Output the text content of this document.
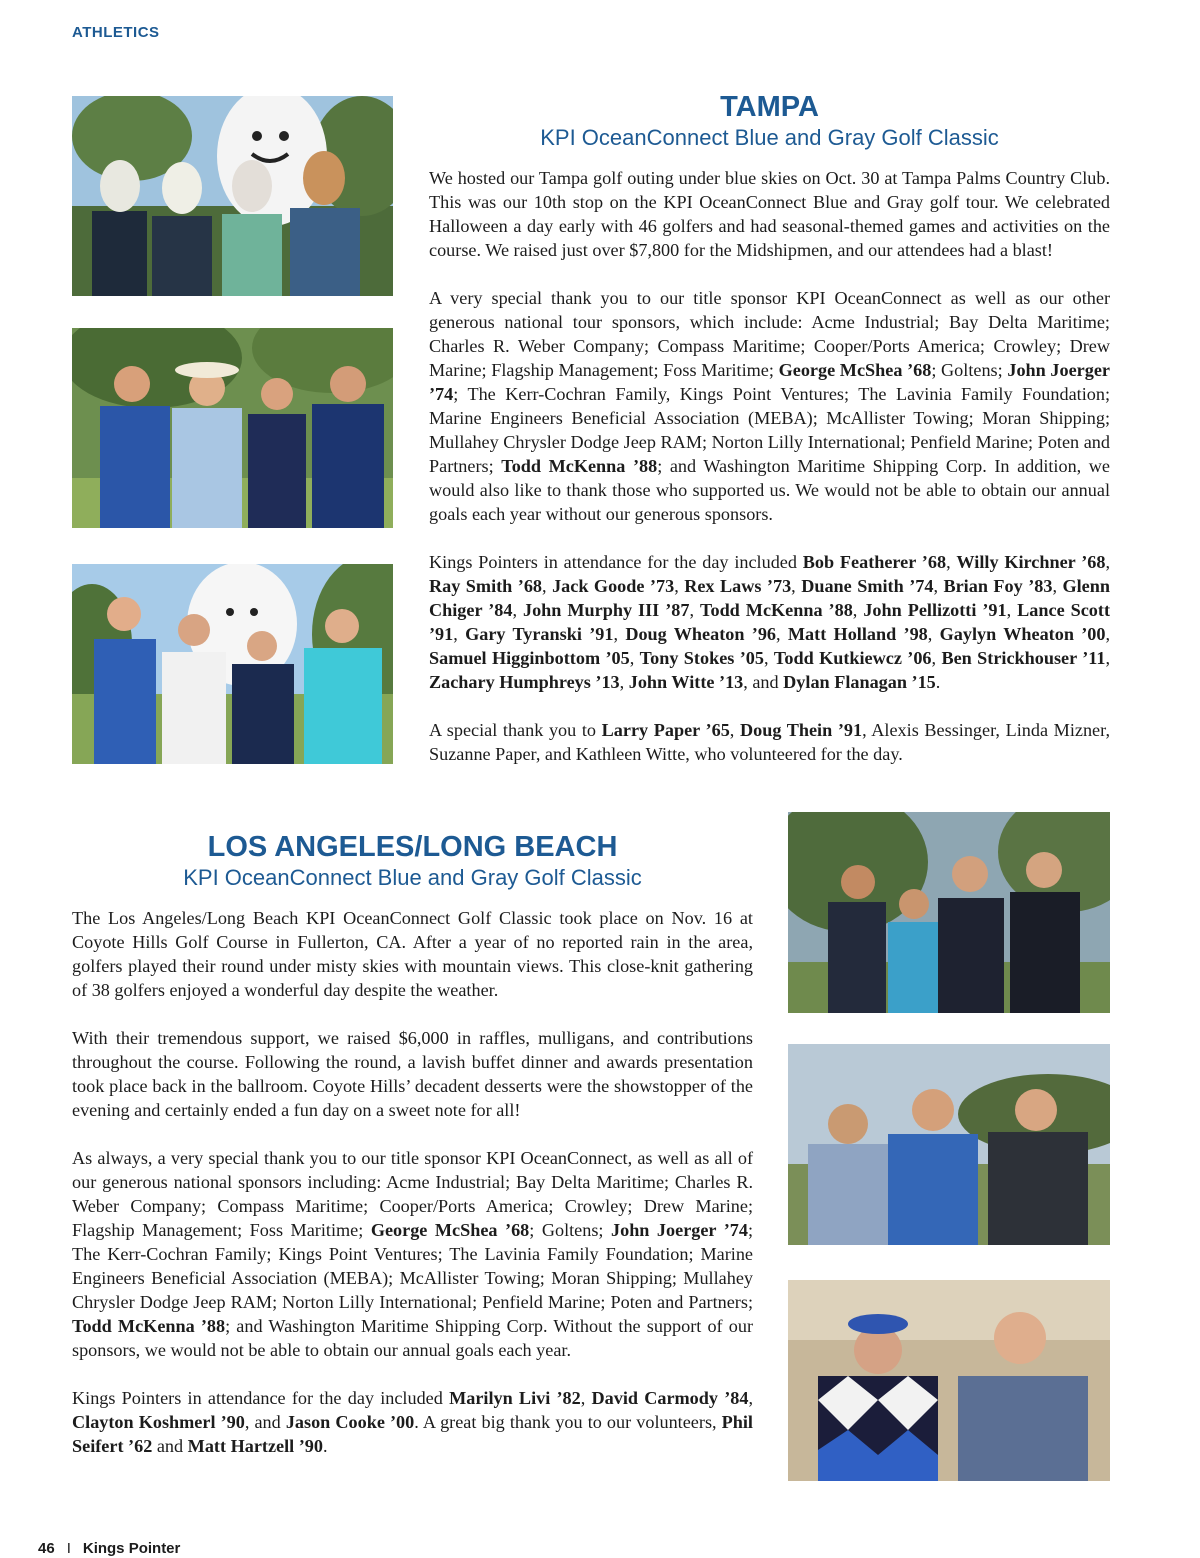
ATHLETICS
TAMPA
KPI OceanConnect Blue and Gray Golf Classic

We hosted our Tampa golf outing under blue skies on Oct. 30 at Tampa Palms Country Club. This was our 10th stop on the KPI OceanConnect Blue and Gray golf tour. We celebrated Halloween a day early with 46 golfers and had seasonal-themed games and activities on the course. We raised just over $7,800 for the Midshipmen, and our attendees had a blast!

A very special thank you to our title sponsor KPI OceanConnect as well as our other generous national tour sponsors, which include: Acme Industrial; Bay Delta Maritime; Charles R. Weber Company; Compass Maritime; Cooper/Ports America; Crowley; Drew Marine; Flagship Management; Foss Maritime; George McShea ’68; Goltens; John Joerger ’74; The Kerr-Cochran Family, Kings Point Ventures; The Lavinia Family Foundation; Marine Engineers Beneficial Association (MEBA); McAllister Towing; Moran Shipping; Mullahey Chrysler Dodge Jeep RAM; Norton Lilly International; Penfield Marine; Poten and Partners; Todd McKenna ’88; and Washington Maritime Shipping Corp. In addition, we would also like to thank those who supported us. We would not be able to obtain our annual goals each year without our generous sponsors.

Kings Pointers in attendance for the day included Bob Featherer ’68, Willy Kirchner ’68, Ray Smith ’68, Jack Goode ’73, Rex Laws ’73, Duane Smith ’74, Brian Foy ’83, Glenn Chiger ’84, John Murphy III ’87, Todd McKenna ’88, John Pellizotti ’91, Lance Scott ’91, Gary Tyranski ’91, Doug Wheaton ’96, Matt Holland ’98, Gaylyn Wheaton ’00, Samuel Higginbottom ’05, Tony Stokes ’05, Todd Kutkiewcz ’06, Ben Strickhouser ’11, Zachary Humphreys ’13, John Witte ’13, and Dylan Flanagan ’15.

A special thank you to Larry Paper ’65, Doug Thein ’91, Alexis Bessinger, Linda Mizner, Suzanne Paper, and Kathleen Witte, who volunteered for the day.

LOS ANGELES/LONG BEACH
KPI OceanConnect Blue and Gray Golf Classic

The Los Angeles/Long Beach KPI OceanConnect Golf Classic took place on Nov. 16 at Coyote Hills Golf Course in Fullerton, CA. After a year of no reported rain in the area, golfers played their round under misty skies with mountain views. This close-knit gathering of 38 golfers enjoyed a wonderful day despite the weather.

With their tremendous support, we raised $6,000 in raffles, mulligans, and contributions throughout the course. Following the round, a lavish buffet dinner and awards presentation took place back in the ballroom. Coyote Hills’ decadent desserts were the showstopper of the evening and certainly ended a fun day on a sweet note for all!

As always, a very special thank you to our title sponsor KPI OceanConnect, as well as all of our generous national sponsors including: Acme Industrial; Bay Delta Maritime; Charles R. Weber Company; Compass Maritime; Cooper/Ports America; Crowley; Drew Marine; Flagship Management; Foss Maritime; George McShea ’68; Goltens; John Joerger ’74; The Kerr-Cochran Family; Kings Point Ventures; The Lavinia Family Foundation; Marine Engineers Beneficial Association (MEBA); McAllister Towing; Moran Shipping; Mullahey Chrysler Dodge Jeep RAM; Norton Lilly International; Penfield Marine; Poten and Partners; Todd McKenna ’88; and Washington Maritime Shipping Corp. Without the support of our sponsors, we would not be able to obtain our annual goals each year.

Kings Pointers in attendance for the day included Marilyn Livi ’82, David Carmody ’84, Clayton Koshmerl ’90, and Jason Cooke ’00. A great big thank you to our volunteers, Phil Seifert ’62 and Matt Hartzell ’90.

46 I Kings Pointer
